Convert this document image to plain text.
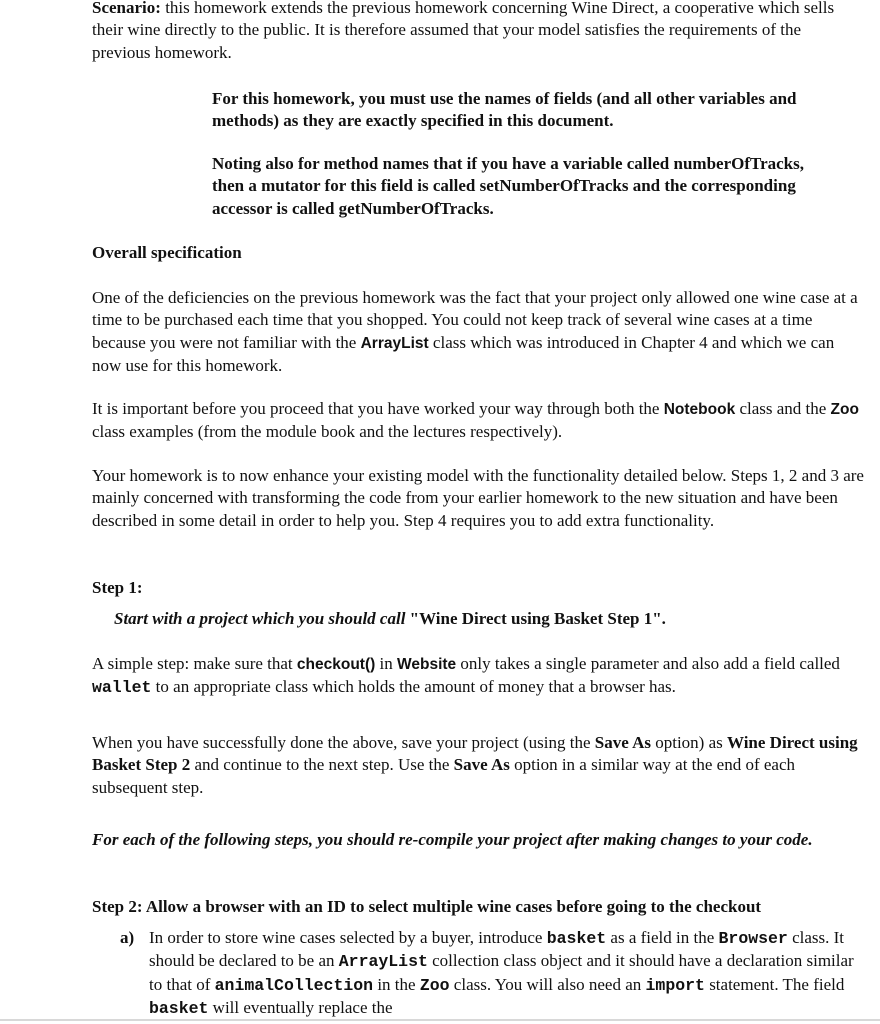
Scenario: this homework extends the previous homework concerning Wine Direct, a cooperative which sells their wine directly to the public. It is therefore assumed that your model satisfies the requirements of the previous homework.

For this homework, you must use the names of fields (and all other variables and methods) as they are exactly specified in this document.

Noting also for method names that if you have a variable called numberOfTracks, then a mutator for this field is called setNumberOfTracks and the corresponding accessor is called getNumberOfTracks.

Overall specification

One of the deficiencies on the previous homework was the fact that your project only allowed one wine case at a time to be purchased each time that you shopped. You could not keep track of several wine cases at a time because you were not familiar with the ArrayList class which was introduced in Chapter 4 and which we can now use for this homework.

It is important before you proceed that you have worked your way through both the Notebook class and the Zoo class examples (from the module book and the lectures respectively).

Your homework is to now enhance your existing model with the functionality detailed below. Steps 1, 2 and 3 are mainly concerned with transforming the code from your earlier homework to the new situation and have been described in some detail in order to help you. Step 4 requires you to add extra functionality.

Step 1:

Start with a project which you should call "Wine Direct using Basket Step 1".

A simple step: make sure that checkout() in Website only takes a single parameter and also add a field called wallet to an appropriate class which holds the amount of money that a browser has.

When you have successfully done the above, save your project (using the Save As option) as Wine Direct using Basket Step 2 and continue to the next step. Use the Save As option in a similar way at the end of each subsequent step.

For each of the following steps, you should re-compile your project after making changes to your code.

Step 2: Allow a browser with an ID to select multiple wine cases before going to the checkout

a) In order to store wine cases selected by a buyer, introduce basket as a field in the Browser class. It should be declared to be an ArrayList collection class object and it should have a declaration similar to that of animalCollection in the Zoo class. You will also need an import statement. The field basket will eventually replace the
